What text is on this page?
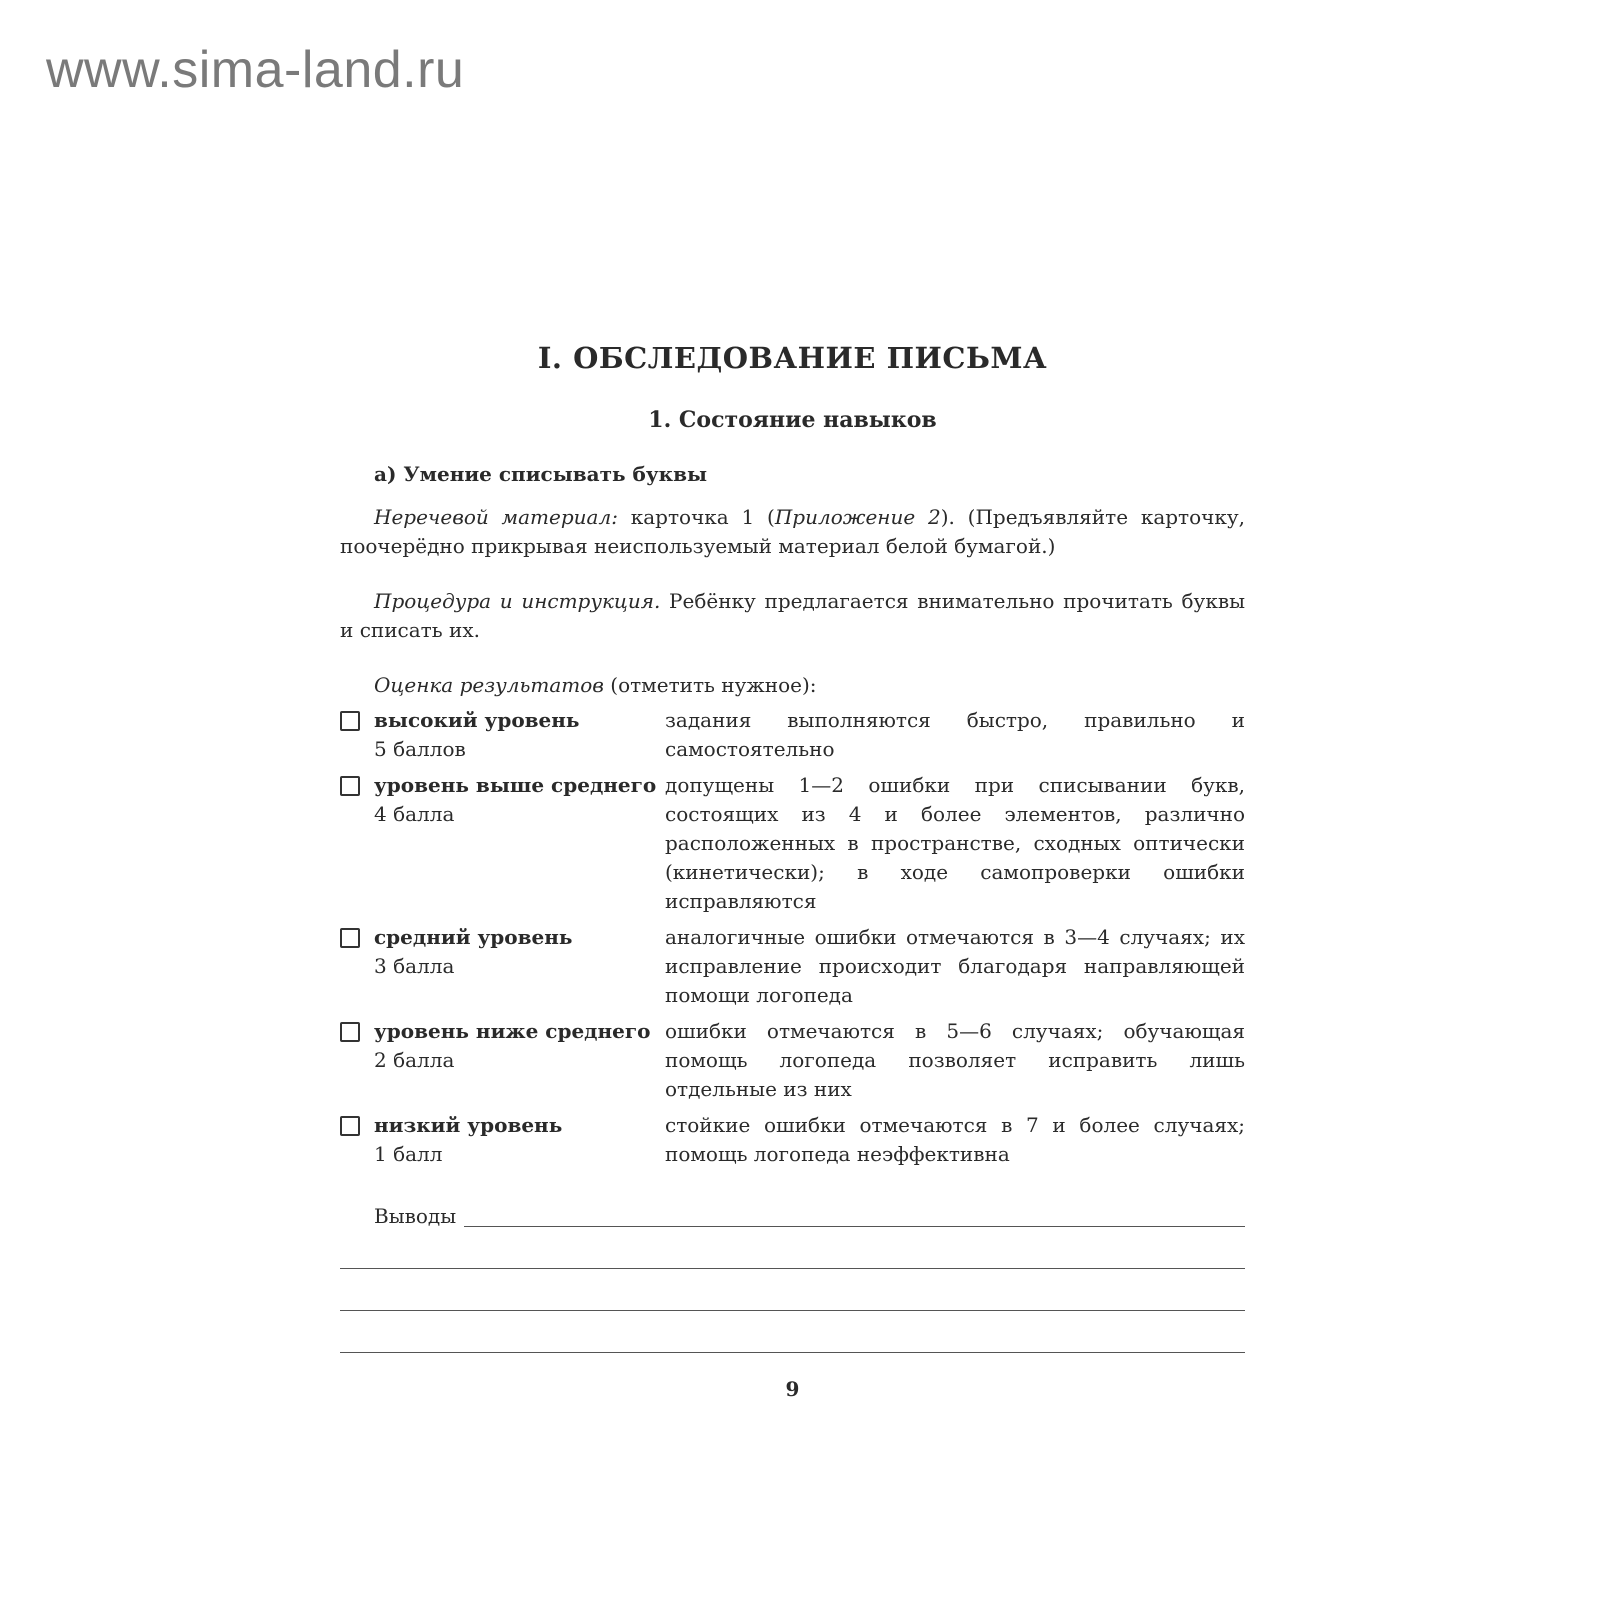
www.sima-land.ru
I. ОБСЛЕДОВАНИЕ ПИСЬМА
1. Состояние навыков
а) Умение списывать буквы

Неречевой материал: карточка 1 (Приложение 2). (Предъявляйте карточку, поочерёдно прикрывая неиспользуемый материал белой бумагой.)

Процедура и инструкция. Ребёнку предлагается внимательно прочитать буквы и списать их.

Оценка результатов (отметить нужное):

высокий уровень
5 баллов
задания выполняются быстро, правильно и самостоятельно
уровень выше среднего
4 балла
допущены 1—2 ошибки при списывании букв, состоящих из 4 и более элементов, различно расположенных в пространстве, сходных оптически (кинетически); в ходе самопроверки ошибки исправляются
средний уровень
3 балла
аналогичные ошибки отмечаются в 3—4 случаях; их исправление происходит благодаря направляющей помощи логопеда
уровень ниже среднего
2 балла
ошибки отмечаются в 5—6 случаях; обучающая помощь логопеда позволяет исправить лишь отдельные из них
низкий уровень
1 балл
стойкие ошибки отмечаются в 7 и более случаях; помощь логопеда неэффективна
Выводы
9
